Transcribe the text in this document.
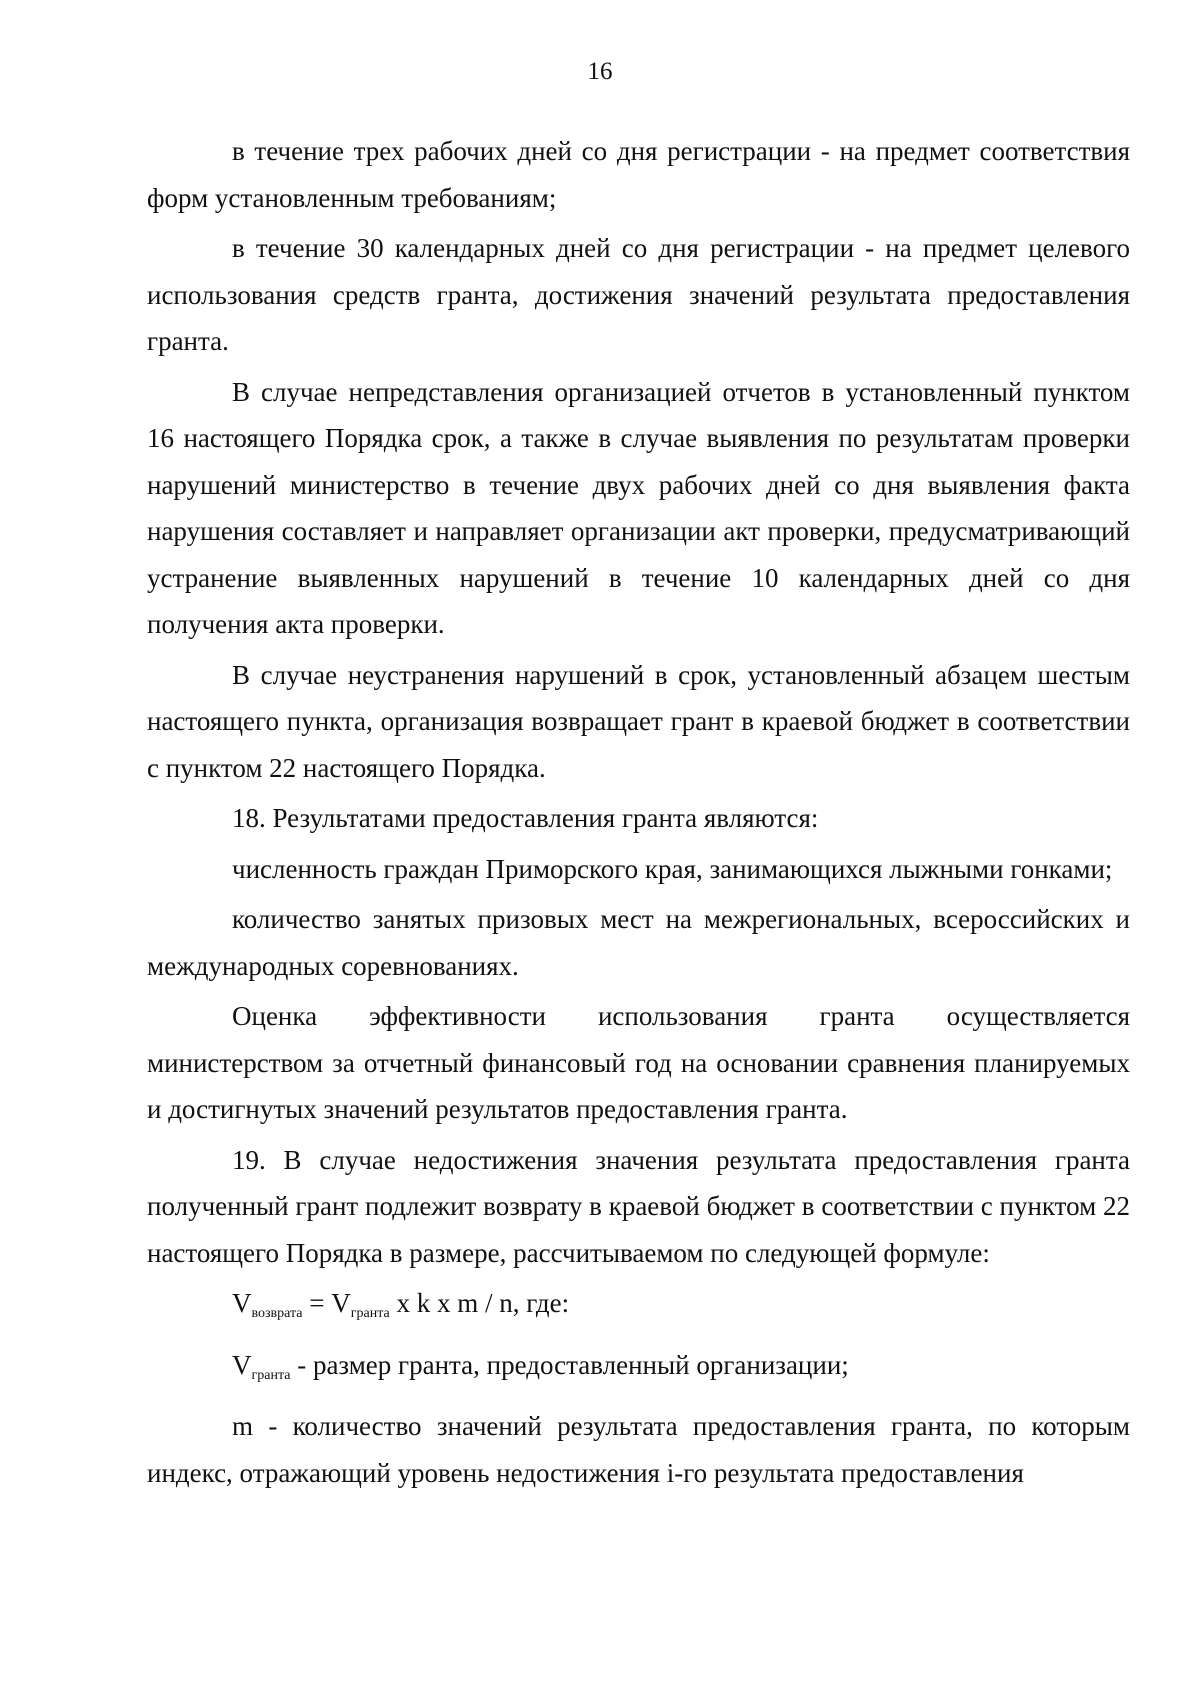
16

в течение трех рабочих дней со дня регистрации - на предмет соответствия форм установленным требованиям;

в течение 30 календарных дней со дня регистрации - на предмет целевого использования средств гранта, достижения значений результата предоставления гранта.

В случае непредставления организацией отчетов в установленный пунктом 16 настоящего Порядка срок, а также в случае выявления по результатам проверки нарушений министерство в течение двух рабочих дней со дня выявления факта нарушения составляет и направляет организации акт проверки, предусматривающий устранение выявленных нарушений в течение 10 календарных дней со дня получения акта проверки.

В случае неустранения нарушений в срок, установленный абзацем шестым настоящего пункта, организация возвращает грант в краевой бюджет в соответствии с пунктом 22 настоящего Порядка.

18. Результатами предоставления гранта являются:

численность граждан Приморского края, занимающихся лыжными гонками;

количество занятых призовых мест на межрегиональных, всероссийских и международных соревнованиях.

Оценка эффективности использования гранта осуществляется министерством за отчетный финансовый год на основании сравнения планируемых и достигнутых значений результатов предоставления гранта.

19. В случае недостижения значения результата предоставления гранта полученный грант подлежит возврату в краевой бюджет в соответствии с пунктом 22 настоящего Порядка в размере, рассчитываемом по следующей формуле:

$V_{возврата} = V_{гранта}$ x k x m / n, где:

$V_{гранта}$ - размер гранта, предоставленный организации;

m - количество значений результата предоставления гранта, по которым индекс, отражающий уровень недостижения i-го результата предоставления
